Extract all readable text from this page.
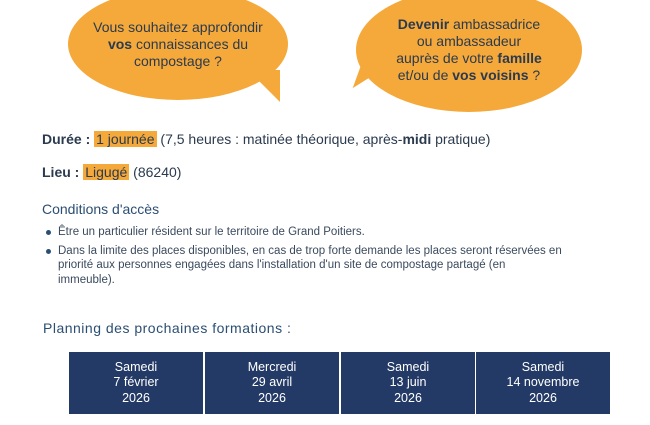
Vous souhaitez approfondir
vos connaissances du compostage ?
Devenir ambassadrice
ou ambassadeur
auprès de votre famille
et/ou de vos voisins ?
Durée : 1 journée (7,5 heures : matinée théorique, après-midi pratique)
Lieu : Ligugé (86240)
Conditions d'accès
Être un particulier résident sur le territoire de Grand Poitiers.
Dans la limite des places disponibles, en cas de trop forte demande les places seront réservées en priorité aux personnes engagées dans l'installation d'un site de compostage partagé (en immeuble).
Planning des prochaines formations :
Samedi
7 février
2026
Mercredi
29 avril
2026
Samedi
13 juin
2026
Samedi
14 novembre
2026
